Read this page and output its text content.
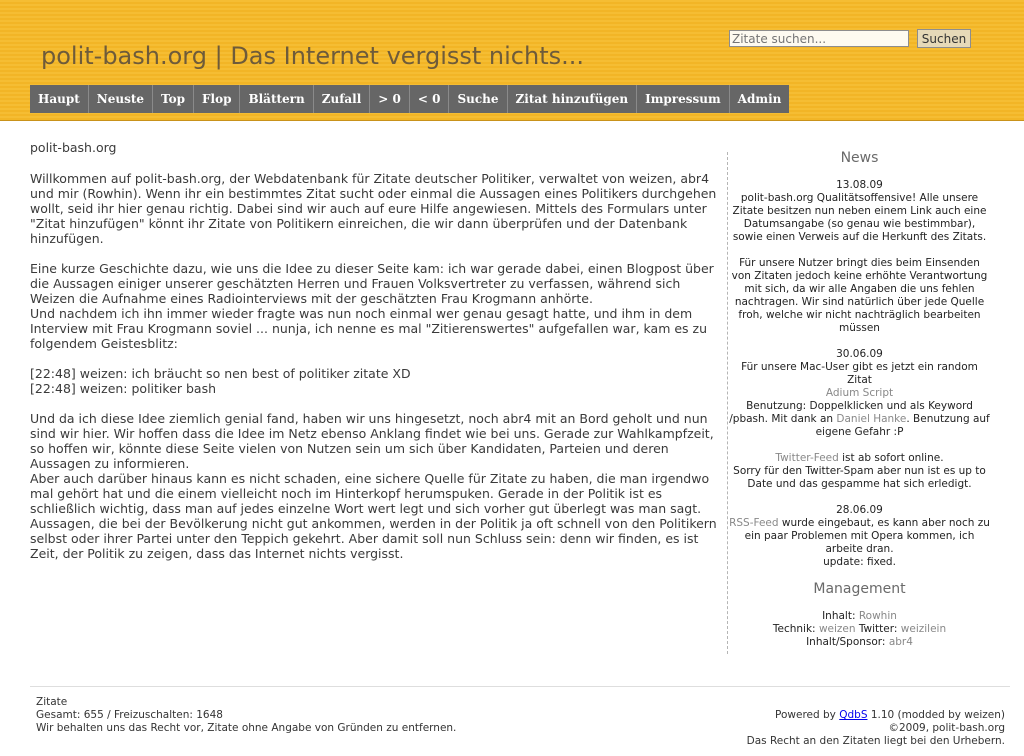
polit-bash.org | Das Internet vergisst nichts...
Zitate suchen...
Suchen
Haupt	Neuste	Top	Flop	Blättern	Zufall	> 0	< 0	Suche	Zitat hinzufügen	Impressum	Admin

polit-bash.org

Willkommen auf polit-bash.org, der Webdatenbank für Zitate deutscher Politiker, verwaltet von weizen, abr4 und mir (Rowhin). Wenn ihr ein bestimmtes Zitat sucht oder einmal die Aussagen eines Politikers durchgehen wollt, seid ihr hier genau richtig. Dabei sind wir auch auf eure Hilfe angewiesen. Mittels des Formulars unter "Zitat hinzufügen" könnt ihr Zitate von Politikern einreichen, die wir dann überprüfen und der Datenbank hinzufügen.

Eine kurze Geschichte dazu, wie uns die Idee zu dieser Seite kam: ich war gerade dabei, einen Blogpost über die Aussagen einiger unserer geschätzten Herren und Frauen Volksvertreter zu verfassen, während sich Weizen die Aufnahme eines Radiointerviews mit der geschätzten Frau Krogmann anhörte.
Und nachdem ich ihn immer wieder fragte was nun noch einmal wer genau gesagt hatte, und ihm in dem Interview mit Frau Krogmann soviel ... nunja, ich nenne es mal "Zitierenswertes" aufgefallen war, kam es zu folgendem Geistesblitz:

[22:48] weizen: ich bräucht so nen best of politiker zitate XD
[22:48] weizen: politiker bash

Und da ich diese Idee ziemlich genial fand, haben wir uns hingesetzt, noch abr4 mit an Bord geholt und nun sind wir hier. Wir hoffen dass die Idee im Netz ebenso Anklang findet wie bei uns. Gerade zur Wahlkampfzeit, so hoffen wir, könnte diese Seite vielen von Nutzen sein um sich über Kandidaten, Parteien und deren Aussagen zu informieren.
Aber auch darüber hinaus kann es nicht schaden, eine sichere Quelle für Zitate zu haben, die man irgendwo mal gehört hat und die einem vielleicht noch im Hinterkopf herumspuken. Gerade in der Politik ist es schließlich wichtig, dass man auf jedes einzelne Wort wert legt und sich vorher gut überlegt was man sagt. Aussagen, die bei der Bevölkerung nicht gut ankommen, werden in der Politik ja oft schnell von den Politikern selbst oder ihrer Partei unter den Teppich gekehrt. Aber damit soll nun Schluss sein: denn wir finden, es ist Zeit, der Politik zu zeigen, dass das Internet nichts vergisst.

News
13.08.09

polit-bash.org Qualitätsoffensive! Alle unsere Zitate besitzen nun neben einem Link auch eine Datumsangabe (so genau wie bestimmbar), sowie einen Verweis auf die Herkunft des Zitats.

Für unsere Nutzer bringt dies beim Einsenden von Zitaten jedoch keine erhöhte Verantwortung mit sich, da wir alle Angaben die uns fehlen nachtragen. Wir sind natürlich über jede Quelle froh, welche wir nicht nachträglich bearbeiten müssen

30.06.09
Für unsere Mac-User gibt es jetzt ein random Zitat
Adium Script
Benutzung: Doppelklicken und als Keyword /pbash. Mit dank an Daniel Hanke. Benutzung auf eigene Gefahr :P
Twitter-Feed ist ab sofort online.
Sorry für den Twitter-Spam aber nun ist es up to Date und das gespamme hat sich erledigt.
28.06.09
RSS-Feed wurde eingebaut, es kann aber noch zu ein paar Problemen mit Opera kommen, ich arbeite dran.
update: fixed.
Management
Inhalt: Rowhin
Technik: weizen Twitter: weizilein
Inhalt/Sponsor: abr4
Zitate
Gesamt: 655 / Freizuschalten: 1648
Wir behalten uns das Recht vor, Zitate ohne Angabe von Gründen zu entfernen.
Powered by QdbS 1.10 (modded by weizen)
©2009, polit-bash.org
Das Recht an den Zitaten liegt bei den Urhebern.
